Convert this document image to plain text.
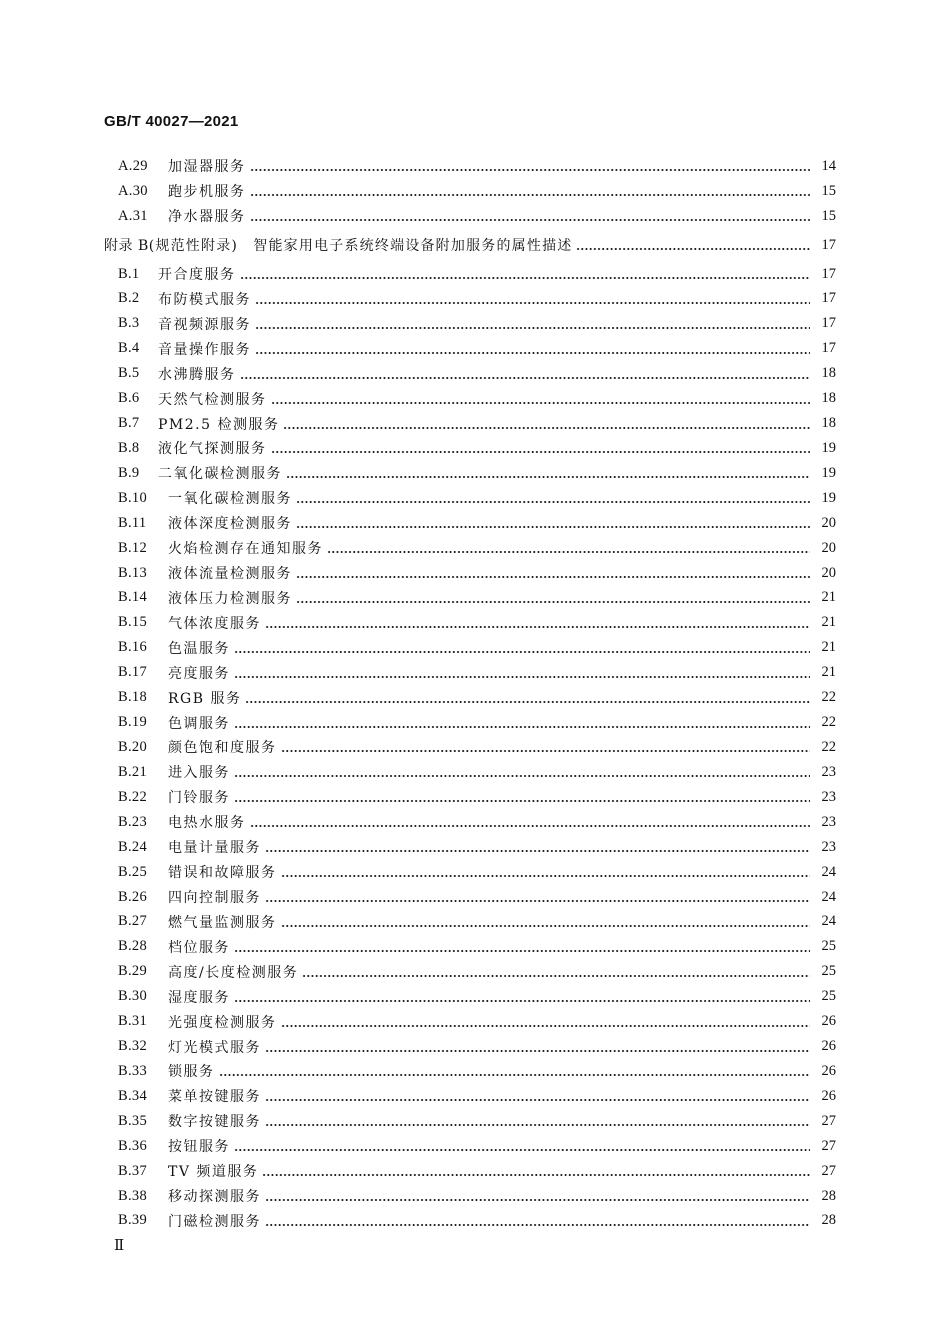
GB/T 40027—2021
A.29	加湿器服务	14
A.30	跑步机服务	15
A.31	净水器服务	15
附录 B (规范性附录)　智能家用电子系统终端设备附加服务的属性描述	17
B.1	开合度服务	17
B.2	布防模式服务	17
B.3	音视频源服务	17
B.4	音量操作服务	17
B.5	水沸腾服务	18
B.6	天然气检测服务	18
B.7	PM2.5 检测服务	18
B.8	液化气探测服务	19
B.9	二氧化碳检测服务	19
B.10	一氧化碳检测服务	19
B.11	液体深度检测服务	20
B.12	火焰检测存在通知服务	20
B.13	液体流量检测服务	20
B.14	液体压力检测服务	21
B.15	气体浓度服务	21
B.16	色温服务	21
B.17	亮度服务	21
B.18	RGB 服务	22
B.19	色调服务	22
B.20	颜色饱和度服务	22
B.21	进入服务	23
B.22	门铃服务	23
B.23	电热水服务	23
B.24	电量计量服务	23
B.25	错误和故障服务	24
B.26	四向控制服务	24
B.27	燃气量监测服务	24
B.28	档位服务	25
B.29	高度/长度检测服务	25
B.30	湿度服务	25
B.31	光强度检测服务	26
B.32	灯光模式服务	26
B.33	锁服务	26
B.34	菜单按键服务	26
B.35	数字按键服务	27
B.36	按钮服务	27
B.37	TV 频道服务	27
B.38	移动探测服务	28
B.39	门磁检测服务	28
Ⅱ
